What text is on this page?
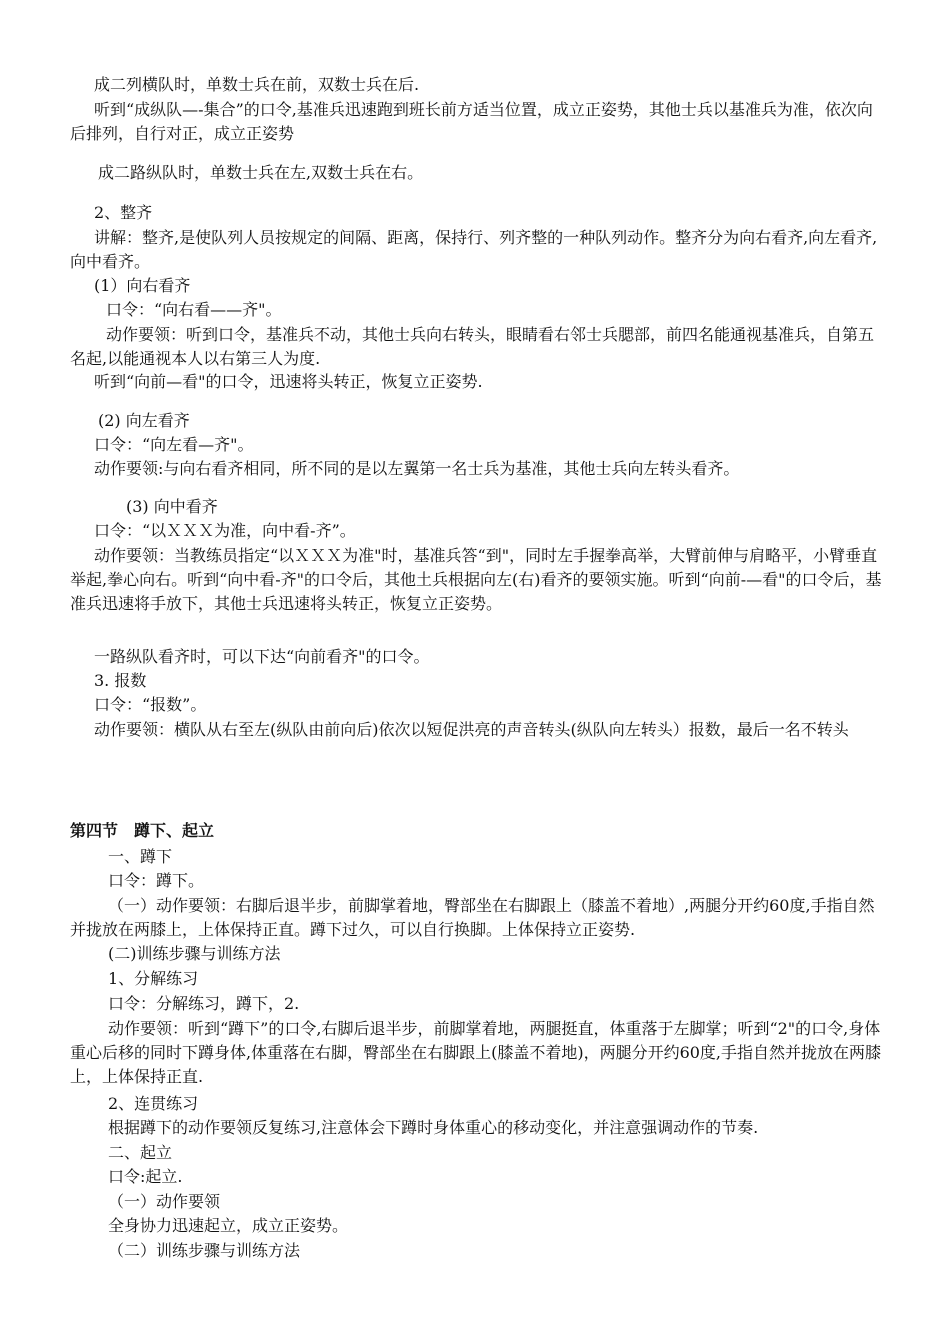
成二列横队时，单数士兵在前，双数士兵在后.
听到“成纵队—-集合”的口令,基准兵迅速跑到班长前方适当位置，成立正姿势，其他士兵以基准兵为准，依次向后排列，自行对正，成立正姿势
成二路纵队时，单数士兵在左,双数士兵在右。
2、整齐
讲解：整齐,是使队列人员按规定的间隔、距离，保持行、列齐整的一种队列动作。整齐分为向右看齐,向左看齐,向中看齐。
(1）向右看齐
口令：“向右看——齐"。
动作要领：听到口令，基准兵不动，其他士兵向右转头，眼睛看右邻士兵腮部，前四名能通视基准兵，自第五名起,以能通视本人以右第三人为度.
听到“向前—看"的口令，迅速将头转正，恢复立正姿势.
(2) 向左看齐
口令：“向左看—齐"。
动作要领:与向右看齐相同，所不同的是以左翼第一名士兵为基准，其他士兵向左转头看齐。
(3) 向中看齐
口令：“以ＸＸＸ为准，向中看-齐”。
动作要领：当教练员指定“以ＸＸＸ为准"时，基准兵答“到"，同时左手握拳高举，大臂前伸与肩略平，小臂垂直举起,拳心向右。听到“向中看-齐"的口令后，其他土兵根据向左(右)看齐的要领实施。听到“向前-—看"的口令后，基准兵迅速将手放下，其他士兵迅速将头转正，恢复立正姿势。
一路纵队看齐时，可以下达“向前看齐"的口令。
3. 报数
口令：“报数”。
动作要领：横队从右至左(纵队由前向后)依次以短促洪亮的声音转头(纵队向左转头）报数，最后一名不转头
第四节　蹲下、起立
一、蹲下
口令：蹲下。
（一）动作要领：右脚后退半步，前脚掌着地，臀部坐在右脚跟上（膝盖不着地）,两腿分开约60度,手指自然并拢放在两膝上，上体保持正直。蹲下过久，可以自行换脚。上体保持立正姿势.
(二)训练步骤与训练方法
1、分解练习
口令：分解练习，蹲下，2.
动作要领：听到“蹲下”的口令,右脚后退半步，前脚掌着地，两腿挺直，体重落于左脚掌；听到“2"的口令,身体重心后移的同时下蹲身体,体重落在右脚，臀部坐在右脚跟上(膝盖不着地)，两腿分开约60度,手指自然并拢放在两膝上，上体保持正直.
2、连贯练习
根据蹲下的动作要领反复练习,注意体会下蹲时身体重心的移动变化，并注意强调动作的节奏.
二、起立
口令:起立.
（一）动作要领
全身协力迅速起立，成立正姿势。
（二）训练步骤与训练方法
